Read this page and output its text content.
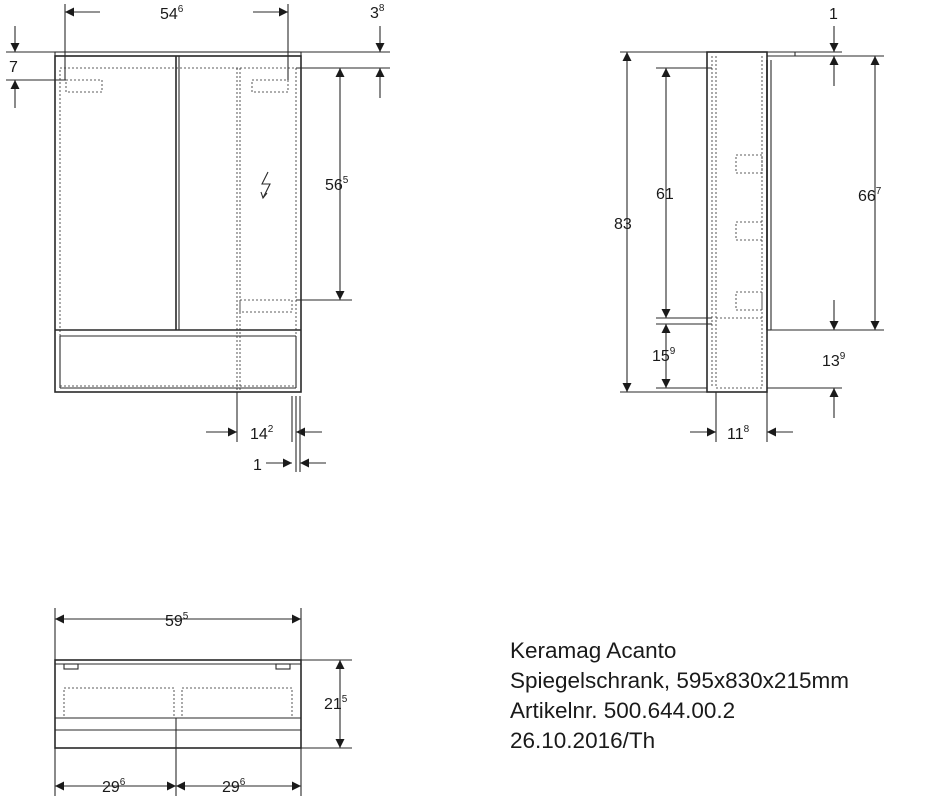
$54^6$	$3^8$
7
$56^5$
$14^2$
1
83
61
$15^9$
1
$66^7$
$13^9$
$11^8$
$59^5$
$21^5$
$29^6$	$29^6$
Keramag Acanto
Spiegelschrank, 595x830x215mm
Artikelnr. 500.644.00.2
26.10.2016/Th
